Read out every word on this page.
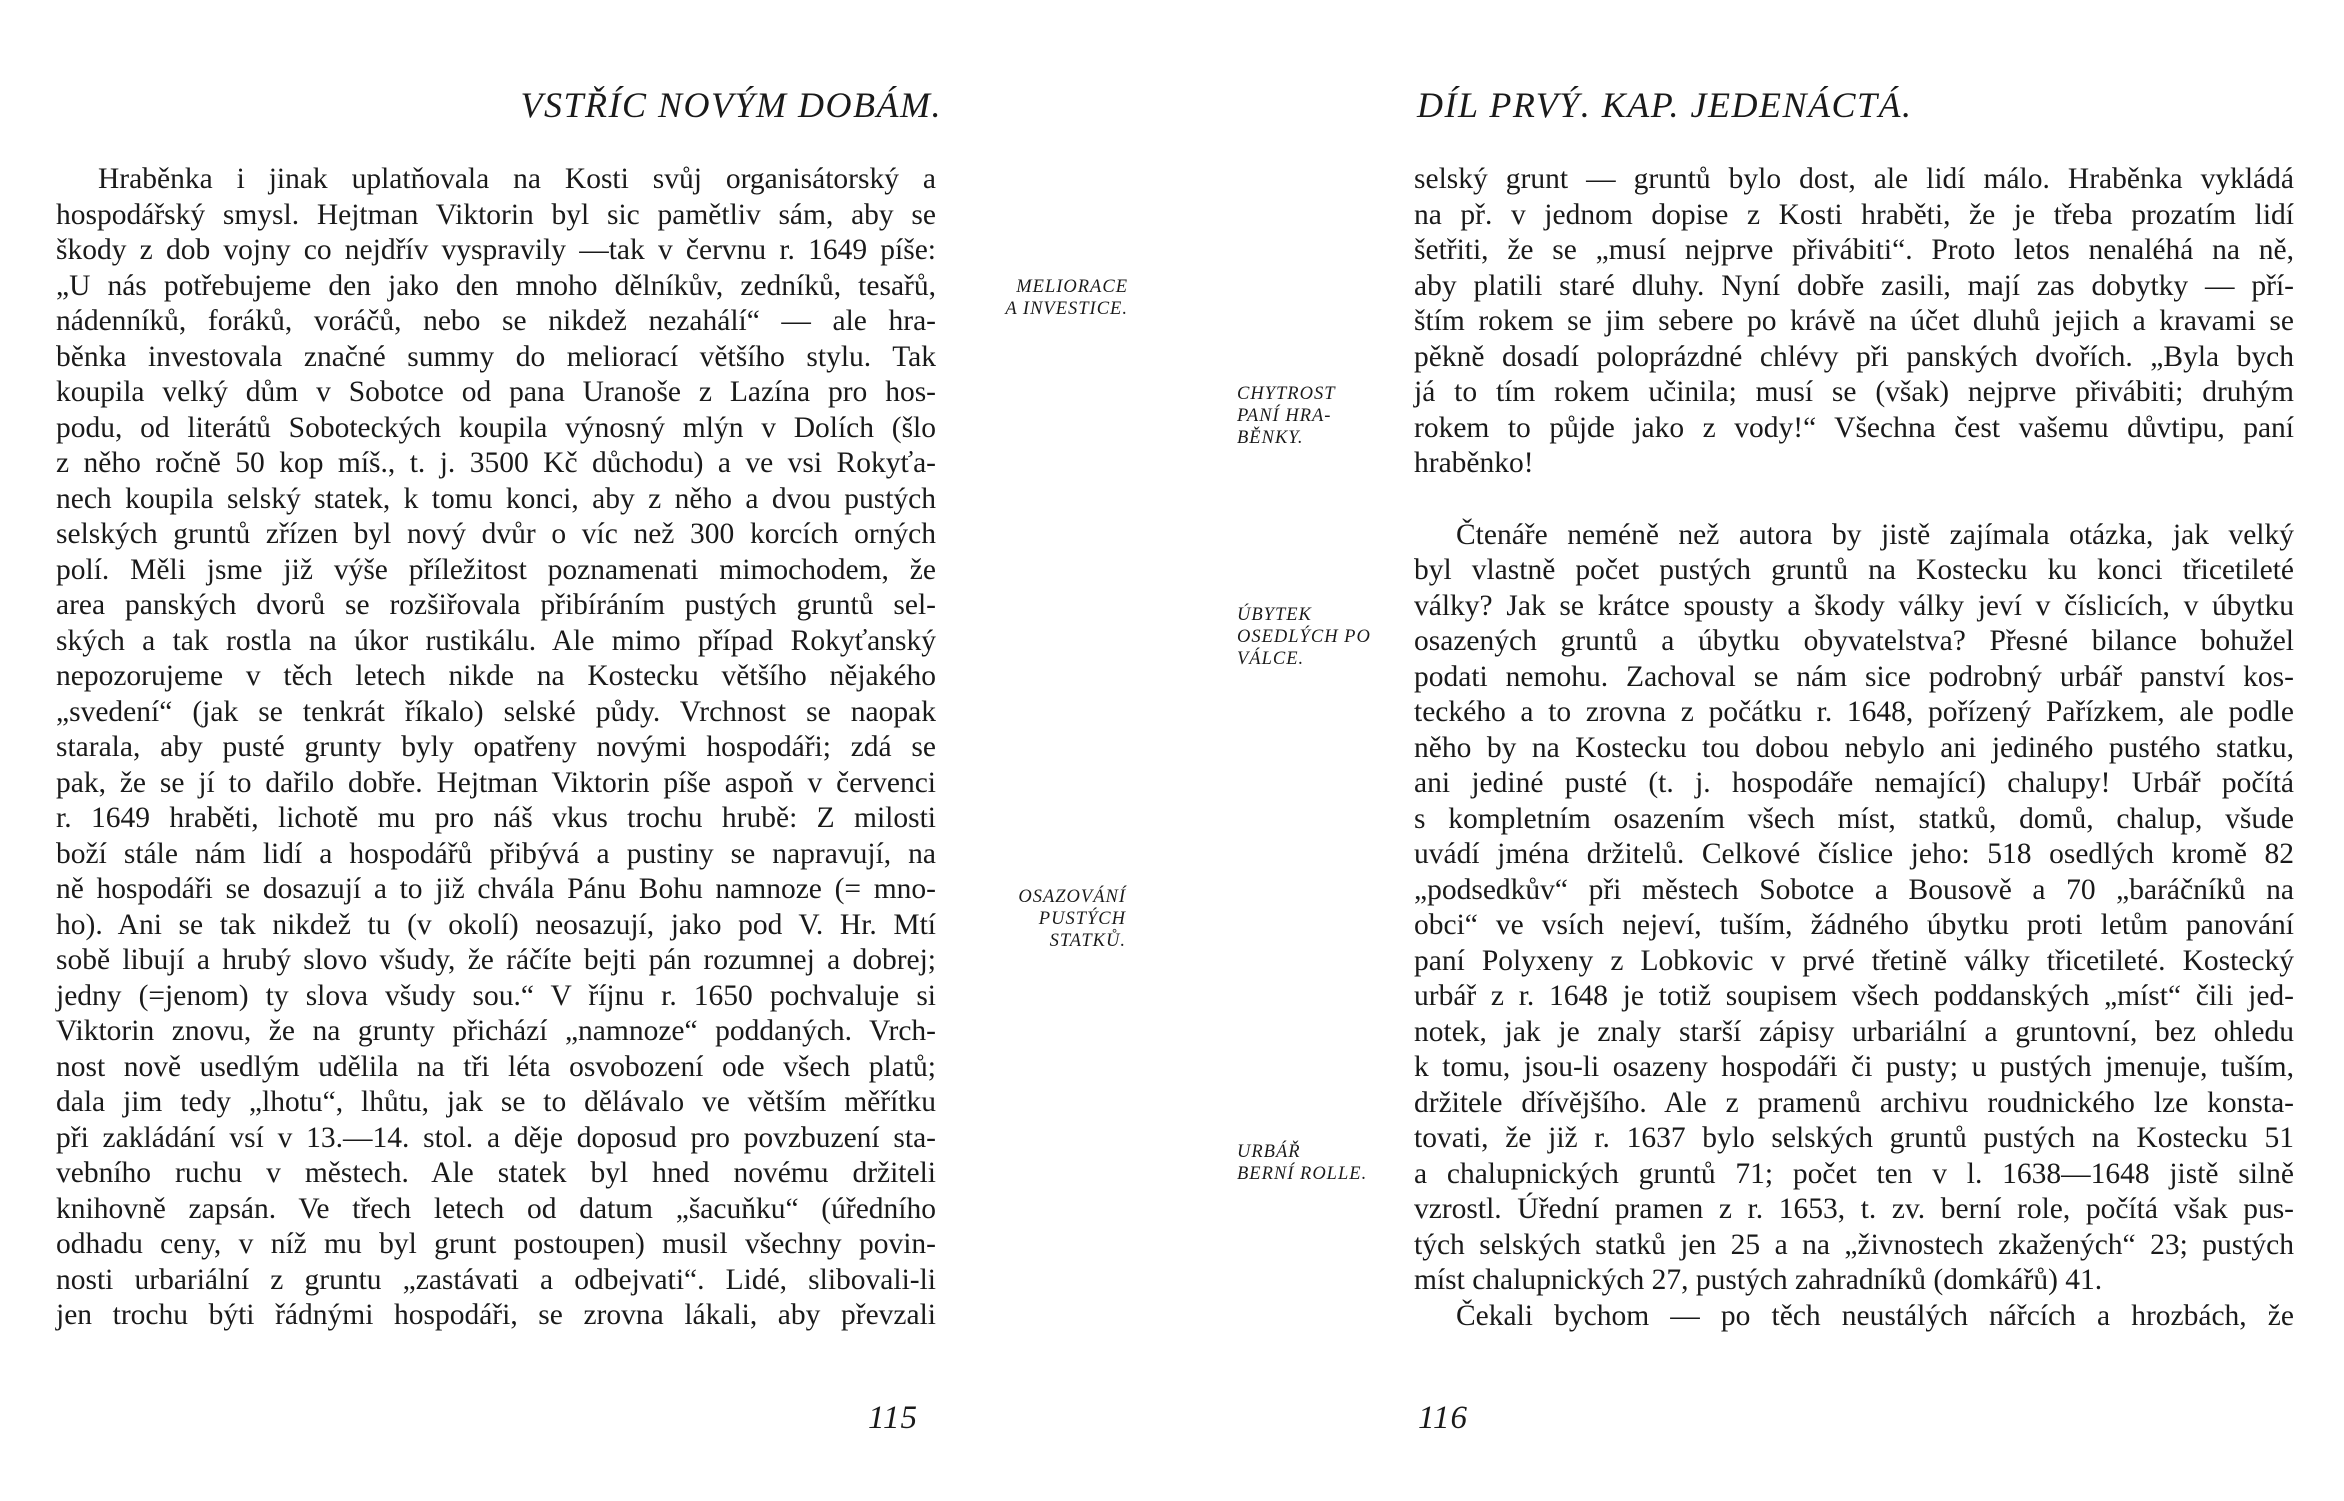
VSTŘÍC NOVÝM DOBÁM.
Hraběnka i jinak uplatňovala na Kosti svůj organisátorský a
hospodářský smysl. Hejtman Viktorin byl sic pamětliv sám, aby se
škody z dob vojny co nejdřív vyspravily —tak v červnu r. 1649 píše:
„U nás potřebujeme den jako den mnoho dělníkův, zedníků, tesařů,
nádenníků, foráků, voráčů, nebo se nikdež nezahálí“ — ale hra-
běnka investovala značné summy do meliorací většího stylu. Tak
koupila velký dům v Sobotce od pana Uranoše z Lazína pro hos-
podu, od literátů Soboteckých koupila výnosný mlýn v Dolích (šlo
z něho ročně 50 kop míš., t. j. 3500 Kč důchodu) a ve vsi Rokyťa-
nech koupila selský statek, k tomu konci, aby z něho a dvou pustých
selských gruntů zřízen byl nový dvůr o víc než 300 korcích orných
polí. Měli jsme již výše příležitost poznamenati mimochodem, že
area panských dvorů se rozšiřovala přibíráním pustých gruntů sel-
ských a tak rostla na úkor rustikálu. Ale mimo případ Rokyťanský
nepozorujeme v těch letech nikde na Kostecku většího nějakého
„svedení“ (jak se tenkrát říkalo) selské půdy. Vrchnost se naopak
starala, aby pusté grunty byly opatřeny novými hospodáři; zdá se
pak, že se jí to dařilo dobře. Hejtman Viktorin píše aspoň v červenci
r. 1649 hraběti, lichotě mu pro náš vkus trochu hrubě: Z milosti
boží stále nám lidí a hospodářů přibývá a pustiny se napravují, na
ně hospodáři se dosazují a to již chvála Pánu Bohu namnoze (= mno-
ho). Ani se tak nikdež tu (v okolí) neosazují, jako pod V. Hr. Mtí
sobě libují a hrubý slovo všudy, že ráčíte bejti pán rozumnej a dobrej;
jedny (=jenom) ty slova všudy sou.“ V říjnu r. 1650 pochvaluje si
Viktorin znovu, že na grunty přichází „namnoze“ poddaných. Vrch-
nost nově usedlým udělila na tři léta osvobození ode všech platů;
dala jim tedy „lhotu“, lhůtu, jak se to dělávalo ve větším měřítku
při zakládání vsí v 13.—14. stol. a děje doposud pro povzbuzení sta-
vebního ruchu v městech. Ale statek byl hned novému držiteli
knihovně zapsán. Ve třech letech od datum „šacuňku“ (úředního
odhadu ceny, v níž mu byl grunt postoupen) musil všechny povin-
nosti urbariální z gruntu „zastávati a odbejvati“. Lidé, slibovali-li
jen trochu býti řádnými hospodáři, se zrovna lákali, aby převzali
MELIORACE
A INVESTICE.
OSAZOVÁNÍ
PUSTÝCH
STATKŮ.
115
DÍL PRVÝ. KAP. JEDENÁCTÁ.
selský grunt — gruntů bylo dost, ale lidí málo. Hraběnka vykládá
na př. v jednom dopise z Kosti hraběti, že je třeba prozatím lidí
šetřiti, že se „musí nejprve přivábiti“. Proto letos nenaléhá na ně,
aby platili staré dluhy. Nyní dobře zasili, mají zas dobytky — pří-
štím rokem se jim sebere po krávě na účet dluhů jejich a kravami se
pěkně dosadí poloprázdné chlévy při panských dvořích. „Byla bych
já to tím rokem učinila; musí se (však) nejprve přivábiti; druhým
rokem to půjde jako z vody!“ Všechna čest vašemu důvtipu, paní
hraběnko!
Čtenáře neméně než autora by jistě zajímala otázka, jak velký
byl vlastně počet pustých gruntů na Kostecku ku konci třicetileté
války? Jak se krátce spousty a škody války jeví v číslicích, v úbytku
osazených gruntů a úbytku obyvatelstva? Přesné bilance bohužel
podati nemohu. Zachoval se nám sice podrobný urbář panství kos-
teckého a to zrovna z počátku r. 1648, pořízený Pařízkem, ale podle
něho by na Kostecku tou dobou nebylo ani jediného pustého statku,
ani jediné pusté (t. j. hospodáře nemající) chalupy! Urbář počítá
s kompletním osazením všech míst, statků, domů, chalup, všude
uvádí jména držitelů. Celkové číslice jeho: 518 osedlých kromě 82
„podsedkův“ při městech Sobotce a Bousově a 70 „baráčníků na
obci“ ve vsích nejeví, tuším, žádného úbytku proti letům panování
paní Polyxeny z Lobkovic v prvé třetině války třicetileté. Kostecký
urbář z r. 1648 je totiž soupisem všech poddanských „míst“ čili jed-
notek, jak je znaly starší zápisy urbariální a gruntovní, bez ohledu
k tomu, jsou-li osazeny hospodáři či pusty; u pustých jmenuje, tuším,
držitele dřívějšího. Ale z pramenů archivu roudnického lze konsta-
tovati, že již r. 1637 bylo selských gruntů pustých na Kostecku 51
a chalupnických gruntů 71; počet ten v l. 1638—1648 jistě silně
vzrostl. Úřední pramen z r. 1653, t. zv. berní role, počítá však pus-
tých selských statků jen 25 a na „živnostech zkažených“ 23; pustých
míst chalupnických 27, pustých zahradníků (domkářů) 41.
Čekali bychom — po těch neustálých nářcích a hrozbách, že
CHYTROST
PANÍ HRA-
BĚNKY.
ÚBYTEK
OSEDLÝCH PO
VÁLCE.
URBÁŘ
BERNÍ ROLLE.
116
